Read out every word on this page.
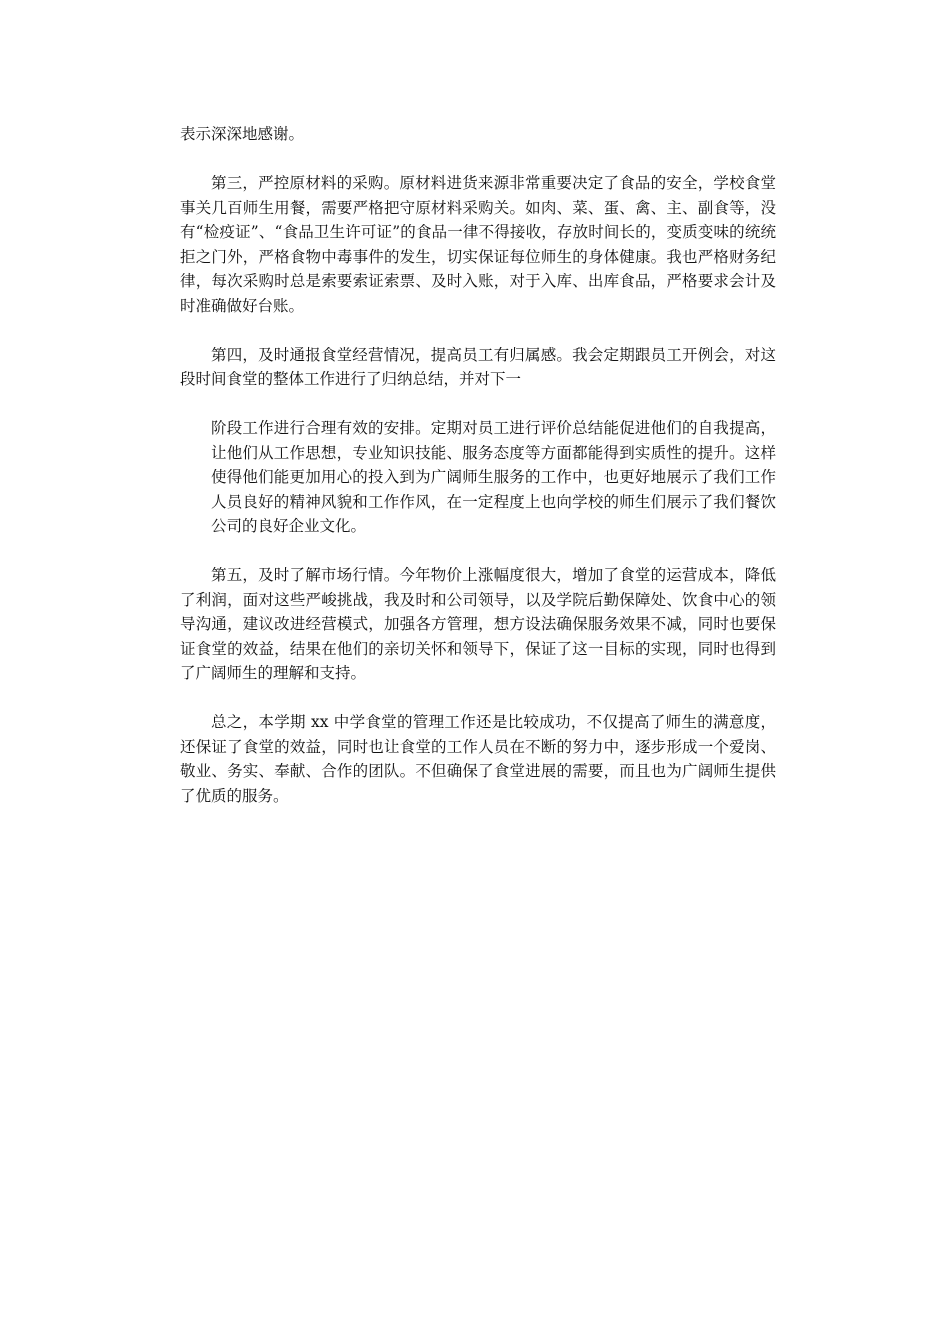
表示深深地感谢。

第三，严控原材料的采购。原材料进货来源非常重要决定了食品的安全，学校食堂事关几百师生用餐，需要严格把守原材料采购关。如肉、菜、蛋、禽、主、副食等，没有“检疫证”、“食品卫生许可证”的食品一律不得接收，存放时间长的，变质变味的统统拒之门外，严格食物中毒事件的发生，切实保证每位师生的身体健康。我也严格财务纪律，每次采购时总是索要索证索票、及时入账，对于入库、出库食品，严格要求会计及时准确做好台账。

第四，及时通报食堂经营情况，提高员工有归属感。我会定期跟员工开例会，对这段时间食堂的整体工作进行了归纳总结，并对下一

阶段工作进行合理有效的安排。定期对员工进行评价总结能促进他们的自我提高，让他们从工作思想，专业知识技能、服务态度等方面都能得到实质性的提升。这样使得他们能更加用心的投入到为广阔师生服务的工作中，也更好地展示了我们工作人员良好的精神风貌和工作作风，在一定程度上也向学校的师生们展示了我们餐饮公司的良好企业文化。

第五，及时了解市场行情。今年物价上涨幅度很大，增加了食堂的运营成本，降低了利润，面对这些严峻挑战，我及时和公司领导，以及学院后勤保障处、饮食中心的领导沟通，建议改进经营模式，加强各方管理，想方设法确保服务效果不减，同时也要保证食堂的效益，结果在他们的亲切关怀和领导下，保证了这一目标的实现，同时也得到了广阔师生的理解和支持。

总之，本学期 xx 中学食堂的管理工作还是比较成功，不仅提高了师生的满意度，还保证了食堂的效益，同时也让食堂的工作人员在不断的努力中，逐步形成一个爱岗、敬业、务实、奉献、合作的团队。不但确保了食堂进展的需要，而且也为广阔师生提供了优质的服务。
